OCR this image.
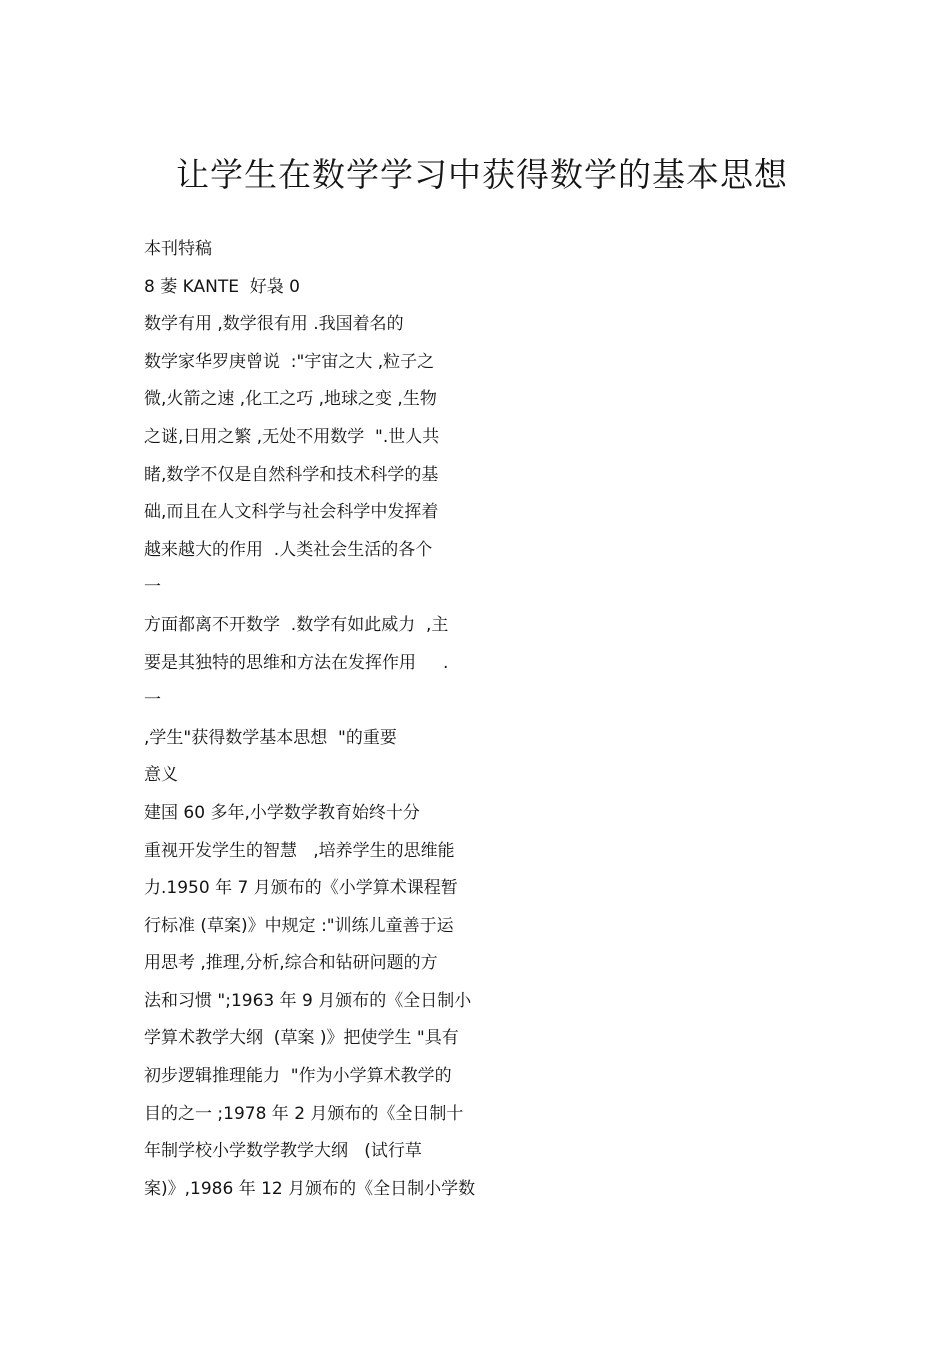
让学生在数学学习中获得数学的基本思想
本刊特稿
8 萎 KANTE  好袅 0
数学有用 ,数学很有用 .我国着名的
数学家华罗庚曾说  :"宇宙之大 ,粒子之
微,火箭之速 ,化工之巧 ,地球之变 ,生物
之谜,日用之繁 ,无处不用数学  ".世人共
睹,数学不仅是自然科学和技术科学的基
础,而且在人文科学与社会科学中发挥着
越来越大的作用  .人类社会生活的各个
一
方面都离不开数学  .数学有如此威力  ,主
要是其独特的思维和方法在发挥作用     .
一
,学生"获得数学基本思想  "的重要
意义
建国 60 多年,小学数学教育始终十分
重视开发学生的智慧   ,培养学生的思维能
力.1950 年 7 月颁布的《小学算术课程暂
行标准 (草案)》中规定 :"训练儿童善于运
用思考 ,推理,分析,综合和钻研问题的方
法和习惯 ";1963 年 9 月颁布的《全日制小
学算术教学大纲  (草案 )》把使学生 "具有
初步逻辑推理能力  "作为小学算术教学的
目的之一 ;1978 年 2 月颁布的《全日制十
年制学校小学数学教学大纲   (试行草
案)》,1986 年 12 月颁布的《全日制小学数
